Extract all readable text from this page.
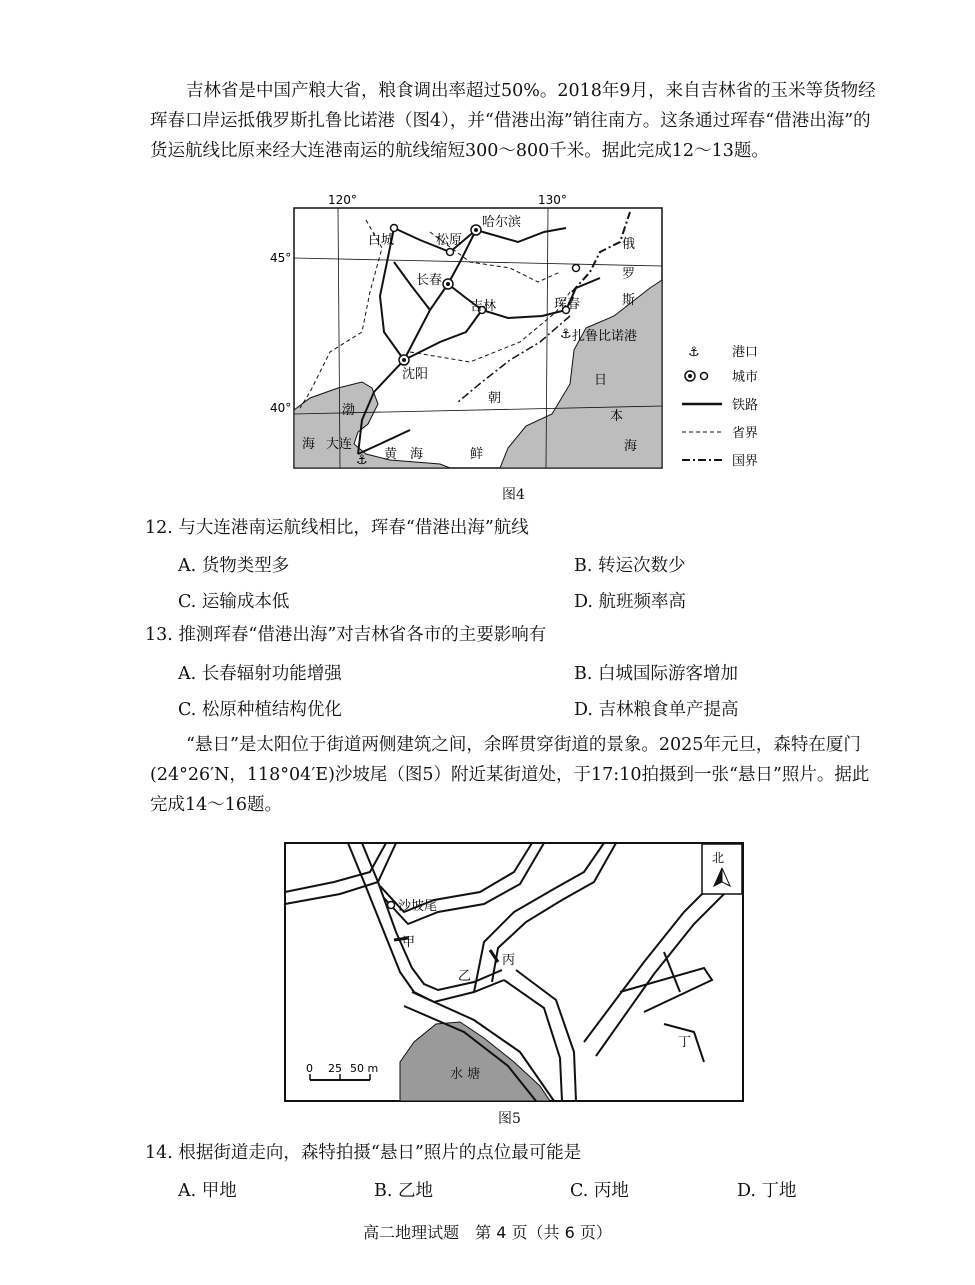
吉林省是中国产粮大省，粮食调出率超过50%。2018年9月，来自吉林省的玉米等货物经珲春口岸运抵俄罗斯扎鲁比诺港（图4），并“借港出海”销往南方。这条通过珲春“借港出海”的货运航线比原来经大连港南运的航线缩短300～800千米。据此完成12～13题。
120°	130°
45°
40°
白城	松原
哈尔滨
长春
吉林	珲春
沈阳
大连
扎鲁比诺港
⚓
⚓
俄
罗
斯
日
本
海
朝
鲜
渤
海
黄 海
⚓ 港口
城市
铁路
省界
国界
图4
12. 与大连港南运航线相比，珲春“借港出海”航线
A. 货物类型多	B. 转运次数少
C. 运输成本低	D. 航班频率高
13. 推测珲春“借港出海”对吉林省各市的主要影响有
A. 长春辐射功能增强	B. 白城国际游客增加
C. 松原种植结构优化	D. 吉林粮食单产提高
“悬日”是太阳位于街道两侧建筑之间，余晖贯穿街道的景象。2025年元旦，森特在厦门(24°26′N，118°04′E)沙坡尾（图5）附近某街道处，于17:10拍摄到一张“悬日”照片。据此完成14～16题。
水 塘
北
沙坡尾
甲
乙
丙
丁
0 25 50 m
图5
14. 根据街道走向，森特拍摄“悬日”照片的点位最可能是
A. 甲地	B. 乙地	C. 丙地	D. 丁地
高二地理试题　第 4 页（共 6 页）
